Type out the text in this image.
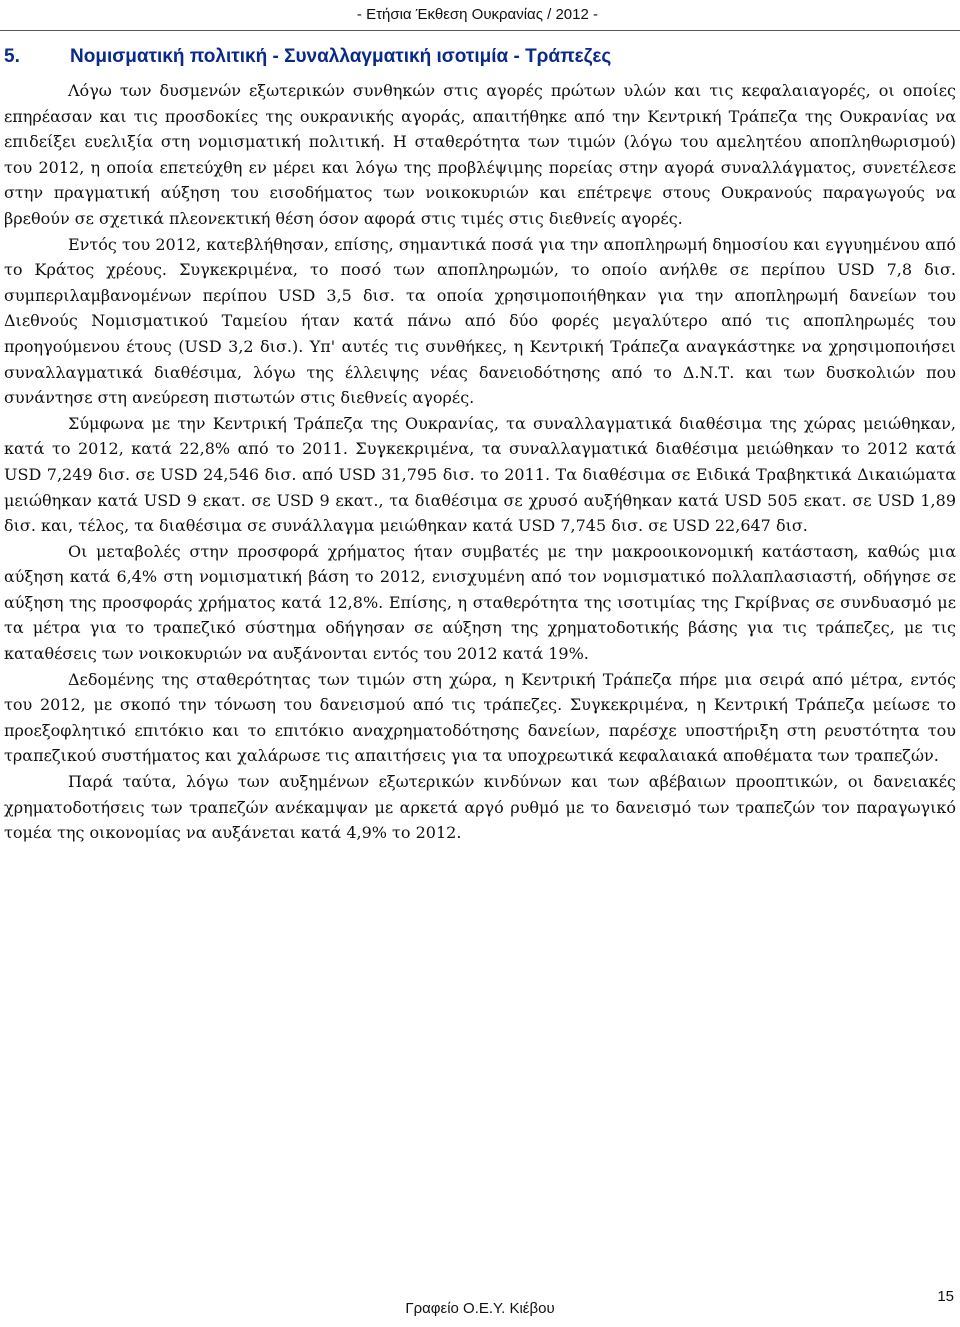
- Ετήσια Έκθεση Ουκρανίας / 2012 -
5.	Νομισματική πολιτική - Συναλλαγματική ισοτιμία - Τράπεζες

Λόγω των δυσμενών εξωτερικών συνθηκών στις αγορές πρώτων υλών και τις κεφαλαιαγορές, οι οποίες επηρέασαν και τις προσδοκίες της ουκρανικής αγοράς, απαιτήθηκε από την Κεντρική Τράπεζα της Ουκρανίας να επιδείξει ευελιξία στη νομισματική πολιτική. Η σταθερότητα των τιμών (λόγω του αμελητέου αποπληθωρισμού) του 2012, η οποία επετεύχθη εν μέρει και λόγω της προβλέψιμης πορείας στην αγορά συναλλάγματος, συνετέλεσε στην πραγματική αύξηση του εισοδήματος των νοικοκυριών και επέτρεψε στους Ουκρανούς παραγωγούς να βρεθούν σε σχετικά πλεονεκτική θέση όσον αφορά στις τιμές στις διεθνείς αγορές.

Εντός του 2012, κατεβλήθησαν, επίσης, σημαντικά ποσά για την αποπληρωμή δημοσίου και εγγυημένου από το Κράτος χρέους. Συγκεκριμένα, το ποσό των αποπληρωμών, το οποίο ανήλθε σε περίπου USD 7,8 δισ. συμπεριλαμβανομένων περίπου USD 3,5 δισ. τα οποία χρησιμοποιήθηκαν για την αποπληρωμή δανείων του Διεθνούς Νομισματικού Ταμείου ήταν κατά πάνω από δύο φορές μεγαλύτερο από τις αποπληρωμές του προηγούμενου έτους (USD 3,2 δισ.). Υπ' αυτές τις συνθήκες, η Κεντρική Τράπεζα αναγκάστηκε να χρησιμοποιήσει συναλλαγματικά διαθέσιμα, λόγω της έλλειψης νέας δανειοδότησης από το Δ.Ν.Τ. και των δυσκολιών που συνάντησε στη ανεύρεση πιστωτών στις διεθνείς αγορές.

Σύμφωνα με την Κεντρική Τράπεζα της Ουκρανίας, τα συναλλαγματικά διαθέσιμα της χώρας μειώθηκαν, κατά το 2012, κατά 22,8% από το 2011. Συγκεκριμένα, τα συναλλαγματικά διαθέσιμα μειώθηκαν το 2012 κατά USD 7,249 δισ. σε USD 24,546 δισ. από USD 31,795 δισ. το 2011. Τα διαθέσιμα σε Ειδικά Τραβηκτικά Δικαιώματα μειώθηκαν κατά USD 9 εκατ. σε USD 9 εκατ., τα διαθέσιμα σε χρυσό αυξήθηκαν κατά USD 505 εκατ. σε USD 1,89 δισ. και, τέλος, τα διαθέσιμα σε συνάλλαγμα μειώθηκαν κατά USD 7,745 δισ. σε USD 22,647 δισ.

Οι μεταβολές στην προσφορά χρήματος ήταν συμβατές με την μακροοικονομική κατάσταση, καθώς μια αύξηση κατά 6,4% στη νομισματική βάση το 2012, ενισχυμένη από τον νομισματικό πολλαπλασιαστή, οδήγησε σε αύξηση της προσφοράς χρήματος κατά 12,8%. Επίσης, η σταθερότητα της ισοτιμίας της Γκρίβνας σε συνδυασμό με τα μέτρα για το τραπεζικό σύστημα οδήγησαν σε αύξηση της χρηματοδοτικής βάσης για τις τράπεζες, με τις καταθέσεις των νοικοκυριών να αυξάνονται εντός του 2012 κατά 19%.

Δεδομένης της σταθερότητας των τιμών στη χώρα, η Κεντρική Τράπεζα πήρε μια σειρά από μέτρα, εντός του 2012, με σκοπό την τόνωση του δανεισμού από τις τράπεζες. Συγκεκριμένα, η Κεντρική Τράπεζα μείωσε το προεξοφλητικό επιτόκιο και το επιτόκιο αναχρηματοδότησης δανείων, παρέσχε υποστήριξη στη ρευστότητα του τραπεζικού συστήματος και χαλάρωσε τις απαιτήσεις για τα υποχρεωτικά κεφαλαιακά αποθέματα των τραπεζών.

Παρά ταύτα, λόγω των αυξημένων εξωτερικών κινδύνων και των αβέβαιων προοπτικών, οι δανειακές χρηματοδοτήσεις των τραπεζών ανέκαμψαν με αρκετά αργό ρυθμό με το δανεισμό των τραπεζών τον παραγωγικό τομέα της οικονομίας να αυξάνεται κατά 4,9% το 2012.

15
Γραφείο Ο.Ε.Υ. Κιέβου
